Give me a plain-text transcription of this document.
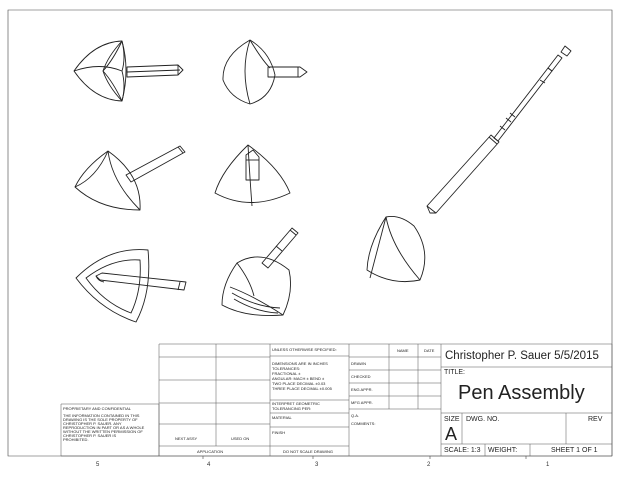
5	4	3	2	1
PROPRIETARY AND CONFIDENTIAL
THE INFORMATION CONTAINED IN THIS
DRAWING IS THE SOLE PROPERTY OF
CHRISTOPHER P. SAUER. ANY
REPRODUCTION IN PART OR AS A WHOLE
WITHOUT THE WRITTEN PERMISSION OF
CHRISTOPHER P. SAUER IS
PROHIBITED.	NEXT ASSY	USED ON
APPLICATION
UNLESS OTHERWISE SPECIFIED:
DIMENSIONS ARE IN INCHES
TOLERANCES:
FRACTIONAL ±
ANGULAR: MACH ± BEND ±
TWO PLACE DECIMAL ±0.03
THREE PLACE DECIMAL ±0.005
INTERPRET GEOMETRIC
TOLERANCING PER:
MATERIAL
FINISH
DO NOT SCALE DRAWING
NAME	DATE
DRAWN
CHECKED
ENG APPR.
MFG APPR.
Q.A.
COMMENTS:
Christopher P. Sauer 5/5/2015
TITLE:
Pen Assembly
SIZE
A
DWG. NO.	REV
SCALE: 1:3 WEIGHT:	SHEET 1 OF 1
